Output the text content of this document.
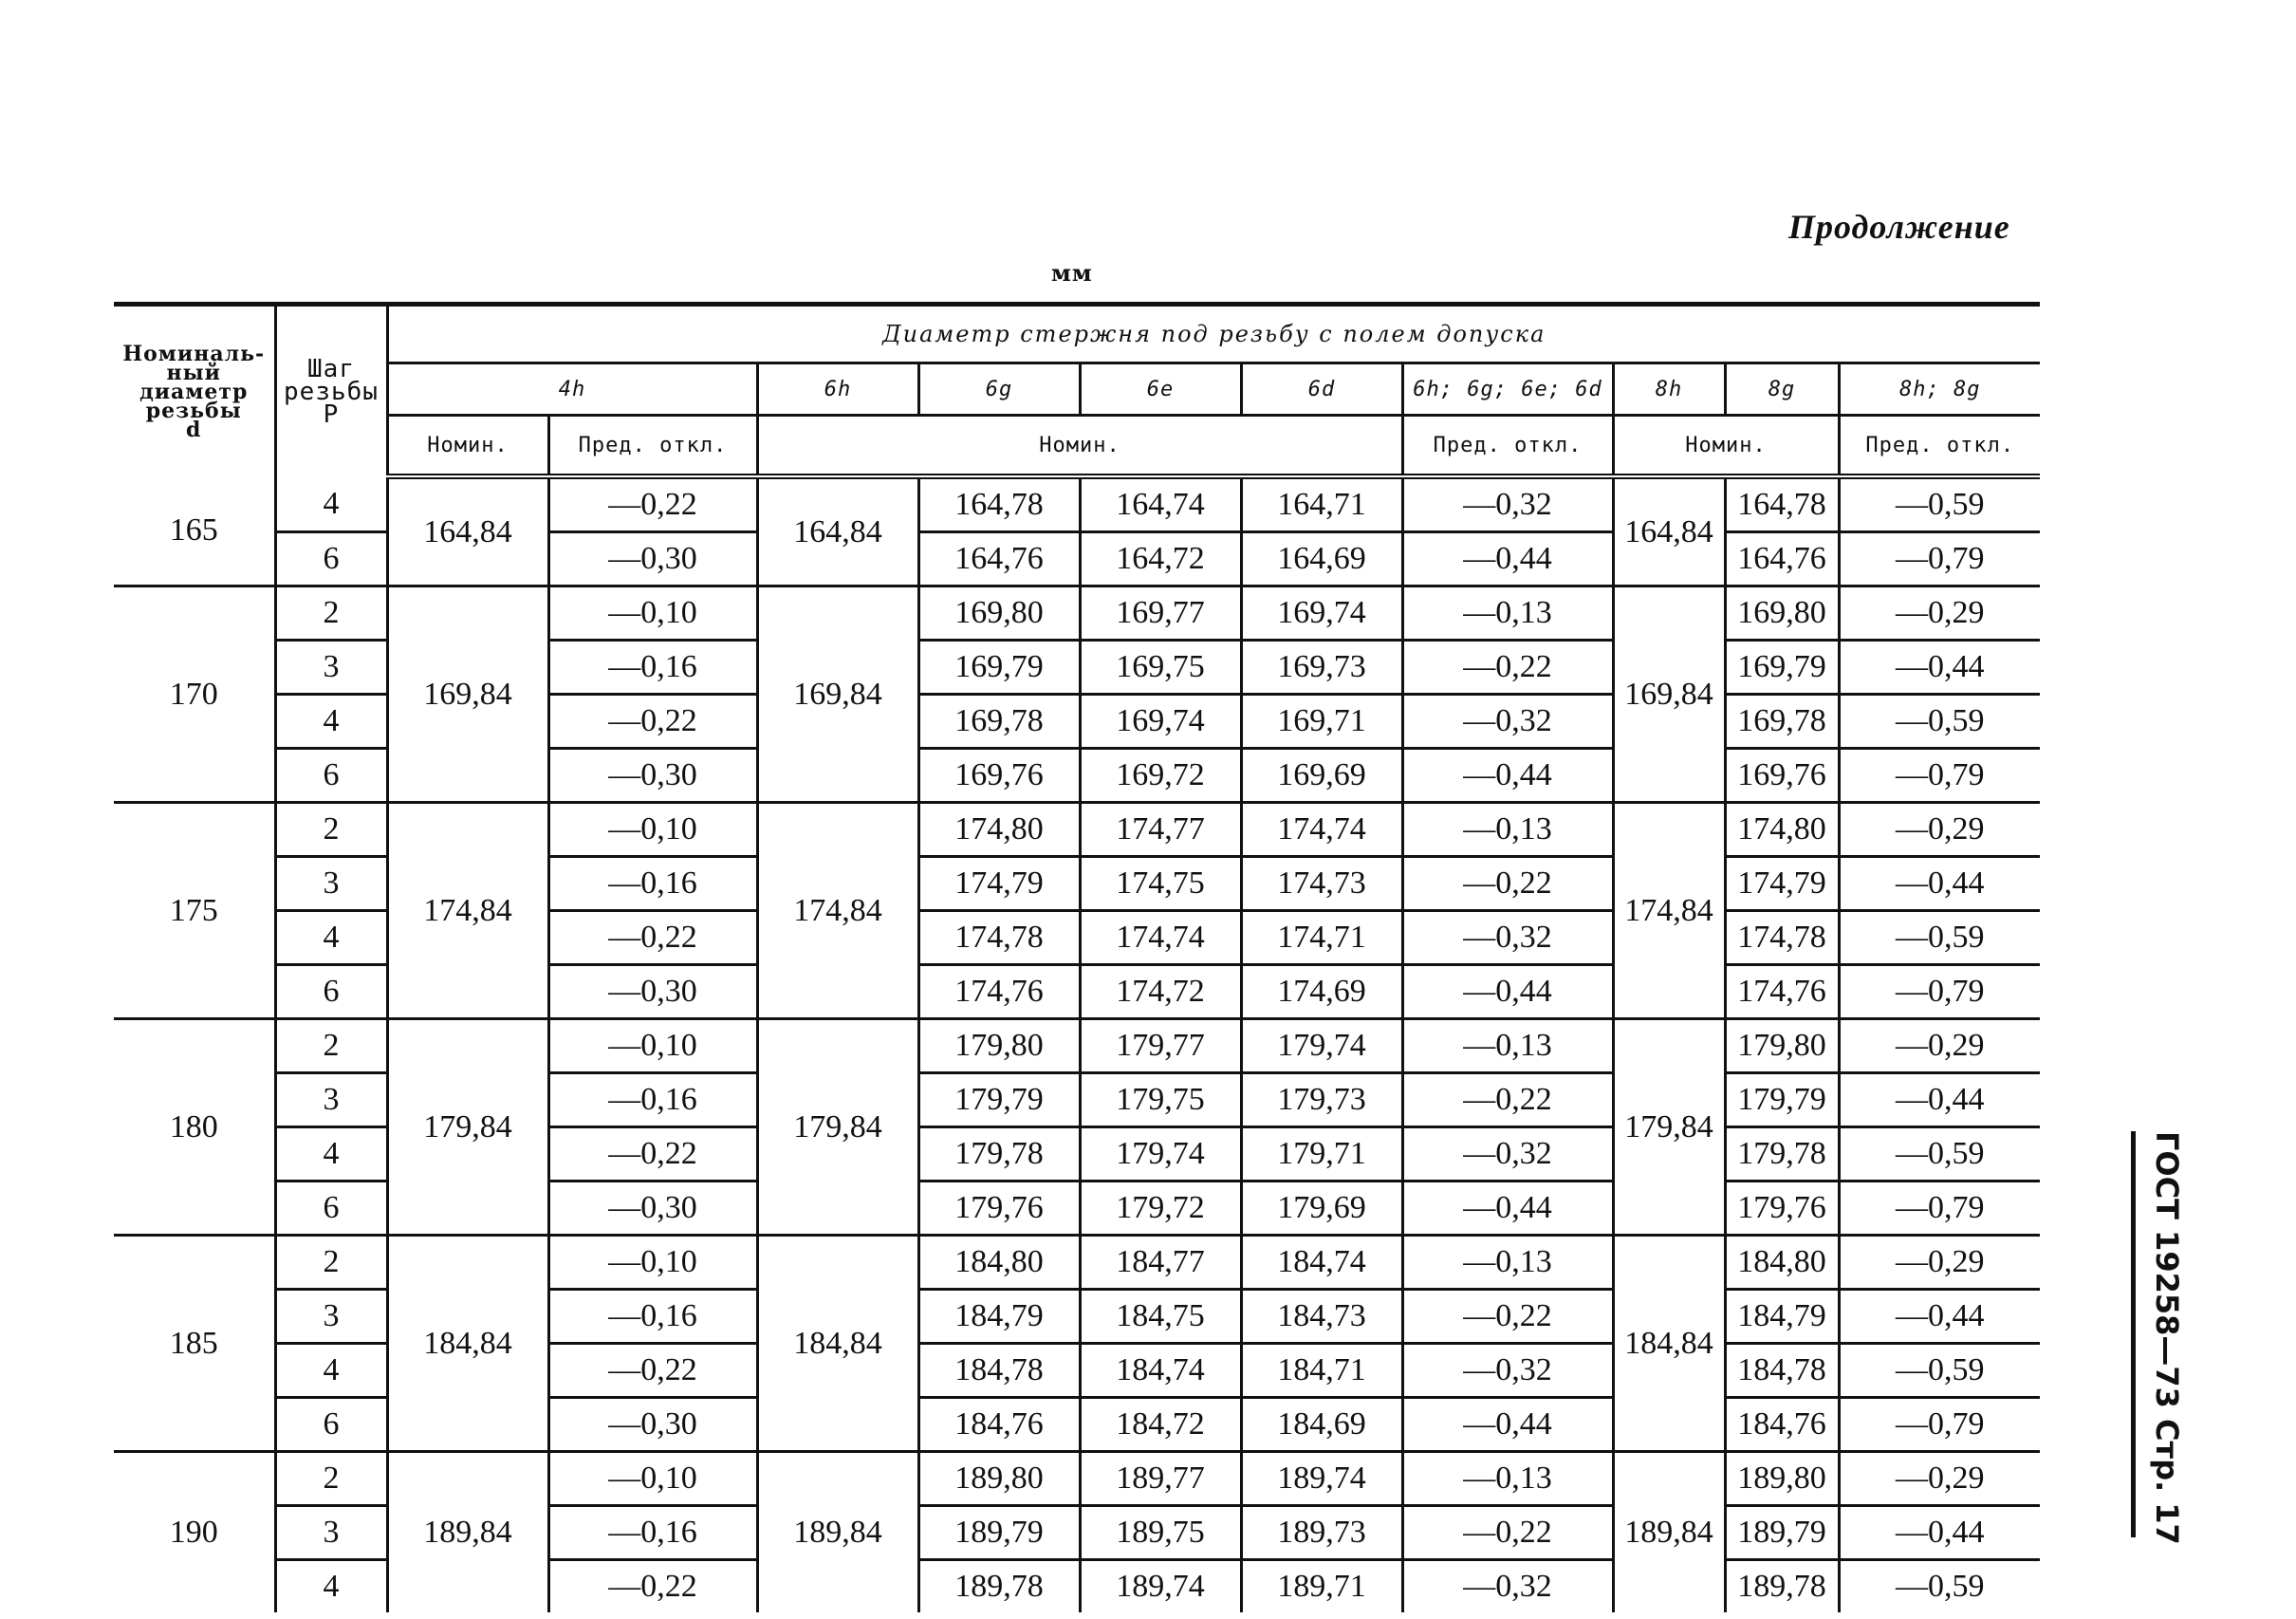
Продолжение
мм
ГОСТ 19258—73 Стр. 17
Номиналь-
ный
диаметр
резьбы
d	Шаг
резьбы
P	Диаметр стержня под резьбу с полем допуска									
		4h		6h	6g	6e	6d	6h; 6g; 6e; 6d	8h	8g	8h; 8g
		Номин.	Пред. откл.	Номин.				Пред. откл.	Номин.		Пред. откл.
165	4	164,84	—0,22	164,84	164,78	164,74	164,71	—0,32	164,84	164,78	—0,59
	6		—0,30		164,76	164,72	164,69	—0,44		164,76	—0,79
170	2	169,84	—0,10	169,84	169,80	169,77	169,74	—0,13	169,84	169,80	—0,29
	3		—0,16		169,79	169,75	169,73	—0,22		169,79	—0,44
	4		—0,22		169,78	169,74	169,71	—0,32		169,78	—0,59
	6		—0,30		169,76	169,72	169,69	—0,44		169,76	—0,79
175	2	174,84	—0,10	174,84	174,80	174,77	174,74	—0,13	174,84	174,80	—0,29
	3		—0,16		174,79	174,75	174,73	—0,22		174,79	—0,44
	4		—0,22		174,78	174,74	174,71	—0,32		174,78	—0,59
	6		—0,30		174,76	174,72	174,69	—0,44		174,76	—0,79
180	2	179,84	—0,10	179,84	179,80	179,77	179,74	—0,13	179,84	179,80	—0,29
	3		—0,16		179,79	179,75	179,73	—0,22		179,79	—0,44
	4		—0,22		179,78	179,74	179,71	—0,32		179,78	—0,59
	6		—0,30		179,76	179,72	179,69	—0,44		179,76	—0,79
185	2	184,84	—0,10	184,84	184,80	184,77	184,74	—0,13	184,84	184,80	—0,29
	3		—0,16		184,79	184,75	184,73	—0,22		184,79	—0,44
	4		—0,22		184,78	184,74	184,71	—0,32		184,78	—0,59
	6		—0,30		184,76	184,72	184,69	—0,44		184,76	—0,79
190	2	189,84	—0,10	189,84	189,80	189,77	189,74	—0,13	189,84	189,80	—0,29
	3		—0,16		189,79	189,75	189,73	—0,22		189,79	—0,44
	4		—0,22		189,78	189,74	189,71	—0,32		189,78	—0,59
